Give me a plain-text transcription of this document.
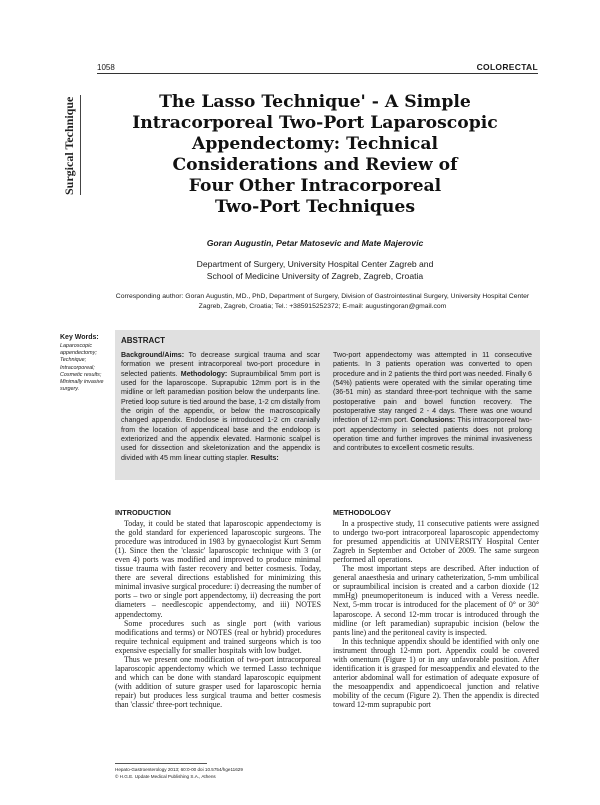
1058	COLORECTAL
Surgical Technique	The Lasso Technique' - A Simple
Intracorporeal Two-Port Laparoscopic
Appendectomy: Technical
Considerations and Review of
Four Other Intracorporeal
Two-Port Techniques
Goran Augustin, Petar Matosevic and Mate Majerovic
Department of Surgery, University Hospital Center Zagreb and
School of Medicine University of Zagreb, Zagreb, Croatia
Corresponding author: Goran Augustin, MD., PhD, Department of Surgery, Division of Gastrointestinal Surgery, University Hospital Center Zagreb, Zagreb, Croatia; Tel.: +385915252372; E-mail: augustingoran@gmail.com
Key Words:
Laparoscopic appendectomy; Technique; Intracorporeal; Cosmetic results; Minimally invasive surgery.
ABSTRACT
Background/Aims: To decrease surgical trauma and scar formation we present intracorporeal two-port procedure in selected patients. Methodology: Supraumbilical 5mm port is used for the laparoscope. Suprapubic 12mm port is in the midline or left paramedian position below the underpants line. Pretied loop suture is tied around the base, 1-2 cm distally from the origin of the appendix, or below the macroscopically changed appendix. Endoclose is introduced 1-2 cm cranially from the location of appendiceal base and the endoloop is exteriorized and the appendix elevated. Harmonic scalpel is used for dissection and skeletonization and the appendix is divided with 45 mm linear cutting stapler. Results:
Two-port appendectomy was attempted in 11 consecutive patients. In 3 patients operation was converted to open procedure and in 2 patients the third port was needed. Finally 6 (54%) patients were operated with the similar operating time (36-51 min) as standard three-port technique with the same postoperative pain and bowel function recovery. The postoperative stay ranged 2 - 4 days. There was one wound infection of 12-mm port. Conclusions: This intracorporeal two-port appendectomy in selected patients does not prolong operation time and further improves the minimal invasiveness and contributes to excellent cosmetic results.
INTRODUCTION
Today, it could be stated that laparoscopic appendectomy is the gold standard for experienced laparoscopic surgeons. The procedure was introduced in 1983 by gynaecologist Kurt Semm (1). Since then the 'classic' laparoscopic technique with 3 (or even 4) ports was modified and improved to produce minimal tissue trauma with faster recovery and better cosmesis. Today, there are several directions established for minimizing this minimal invasive surgical procedure: i) decreasing the number of ports – two or single port appendectomy, ii) decreasing the port diameters – needlescopic appendectomy, and iii) NOTES appendectomy.
Some procedures such as single port (with various modifications and terms) or NOTES (real or hybrid) procedures require technical equipment and trained surgeons which is too expensive especially for smaller hospitals with low budget.
Thus we present one modification of two-port intracorporeal laparoscopic appendectomy which we termed Lasso technique and which can be done with standard laparoscopic equipment (with addition of suture grasper used for laparoscopic hernia repair) but produces less surgical trauma and better cosmesis than 'classic' three-port technique.
METHODOLOGY
In a prospective study, 11 consecutive patients were assigned to undergo two-port intracorporeal laparoscopic appendectomy for presumed appendicitis at UNIVERSITY Hospital Center Zagreb in September and October of 2009. The same surgeon performed all operations.
The most important steps are described. After induction of general anaesthesia and urinary catheterization, 5-mm umbilical or supraumbilical incision is created and a carbon dioxide (12 mmHg) pneumoperitoneum is induced with a Veress needle. Next, 5-mm trocar is introduced for the placement of 0° or 30° laparoscope. A second 12-mm trocar is introduced through the midline (or left paramedian) suprapubic incision (below the pants line) and the peritoneal cavity is inspected.
In this technique appendix should be identified with only one instrument through 12-mm port. Appendix could be covered with omentum (Figure 1) or in any unfavorable position. After identification it is grasped for mesoappendix and elevated to the anterior abdominal wall for estimation of adequate exposure of the mesoappendix and appendicoecal junction and relative mobility of the cecum (Figure 2). Then the appendix is directed toward 12-mm suprapubic port
Hepato-Gastroenterology 2013; 60:0-00 doi 10.5754/hge11629
© H.G.E. Update Medical Publishing S.A., Athens
